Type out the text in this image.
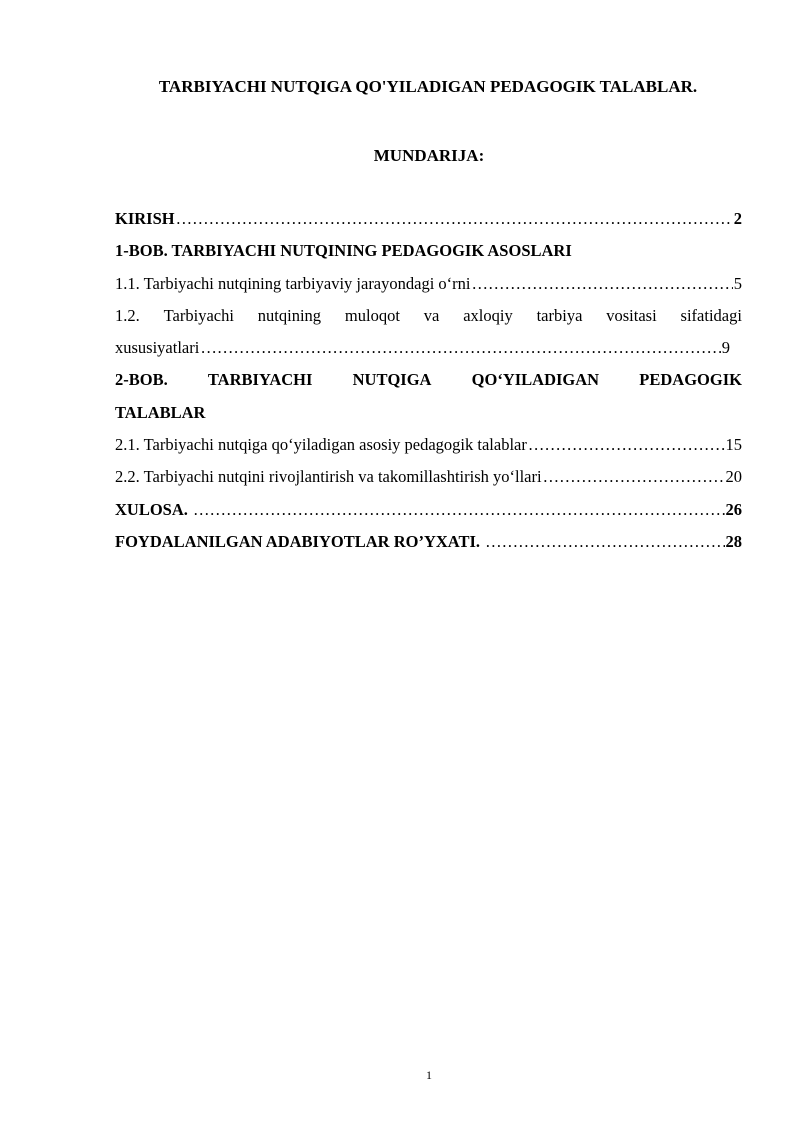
TARBIYACHI NUTQIGA QO'YILADIGAN PEDAGOGIK TALABLAR.
MUNDARIJA:
KIRISH …………………………………………………………………………………………………………………………………………	2
1-BOB. TARBIYACHI NUTQINING PEDAGOGIK ASOSLARI
1.1. Tarbiyachi nutqining tarbiyaviy jarayondagi o‘rni …………………………………………………………………………………………………………………………………………	5
1.2. Tarbiyachi nutqining muloqot va axloqiy tarbiya vositasi sifatidagi
xususiyatlari …………………………………………………………………………………………………………………………………………	9
2-BOB. TARBIYACHI NUTQIGA QO‘YILADIGAN PEDAGOGIK
TALABLAR
2.1. Tarbiyachi nutqiga qo‘yiladigan asosiy pedagogik talablar …………………………………………………………………………………………………………………………………………	15
2.2. Tarbiyachi nutqini rivojlantirish va takomillashtirish yo‘llari …………………………………………………………………………………………………………………………………………	20
XULOSA. …………………………………………………………………………………………………………………………………………	26
FOYDALANILGAN ADABIYOTLAR RO’YXATI. …………………………………………………………………………………………………………………………………………	28
1
